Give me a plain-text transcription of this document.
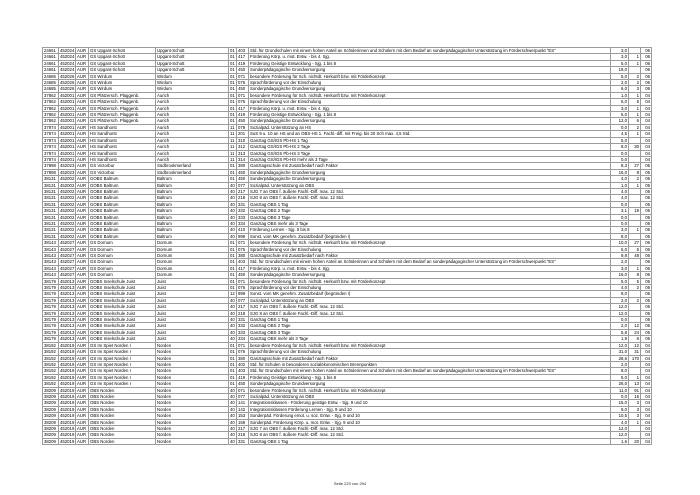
24661	452024	AUR	GS Upgant-Schott	Upgant-Schott	01	403	Std. für Grundschulen mit einem hohen Anteil an Schülerinnen und Schülern mit dem Bedarf an sonderpädagogischer Unterstützung im Förderschwerpunkt "ES"	3,0		06
24661	452024	AUR	GS Upgant-Schott	Upgant-Schott	01	417	Förderung Körp. u. mot. Entw. - bis 4. Sjg.	3,0	1	06
24661	452024	AUR	GS Upgant-Schott	Upgant-Schott	01	419	Förderung Geistige Entwicklung - Sjg. 1 bis 8	5,0	1	06
24661	452024	AUR	GS Upgant-Schott	Upgant-Schott	01	450	Sonderpädagogische Grundversorgung	18,0		06
24685	452026	AUR	GS Wirdum	Wirdum	01	071	besondere Förderung für Sch. nichtdt. Herkunft bzw. mit Förderkonzept	5,0	2	06
24685	452026	AUR	GS Wirdum	Wirdum	01	076	Sprachförderung vor der Einschulung	2,0	2	06
24685	452026	AUR	GS Wirdum	Wirdum	01	450	Sonderpädagogische Grundversorgung	6,0	3	06
37862	452001	AUR	GS Plätzersch. Plaggenb.	Aurich	01	071	besondere Förderung für Sch. nichtdt. Herkunft bzw. mit Förderkonzept	1,0	1	04
37862	452001	AUR	GS Plätzersch. Plaggenb.	Aurich	01	076	Sprachförderung vor der Einschulung	6,0	6	04
37862	452001	AUR	GS Plätzersch. Plaggenb.	Aurich	01	417	Förderung Körp. u. mot. Entw. - bis 4. Sjg.	3,0	1	04
37862	452001	AUR	GS Plätzersch. Plaggenb.	Aurich	01	419	Förderung Geistige Entwicklung - Sjg. 1 bis 8	5,0	1	04
37862	452001	AUR	GS Plätzersch. Plaggenb.	Aurich	01	450	Sonderpädagogische Grundversorgung	12,0	6	04
37874	452001	AUR	HS Sandhorst	Aurich	11	079	Sozialpäd. Unterstützung an HS	0,0	2	04
37874	452001	AUR	HS Sandhorst	Aurich	11	201	SuS 9 u. 10 an HS und an OBS-HS 1. Fachl.-diff. mit Freig. bis 20 Sch max. 4,5 Std.	4,5	1	04
37874	452001	AUR	HS Sandhorst	Aurich	11	310	Ganztag GS/IGS Pb-HS 1 Tag	5,0		04
37874	452001	AUR	HS Sandhorst	Aurich	11	312	Ganztag GS/IGS Pb-HS 2 Tage	8,0	30	04
37874	452001	AUR	HS Sandhorst	Aurich	11	313	Ganztag GS/IGS Pb-HS 3 Tage	0,0		04
37874	452001	AUR	HS Sandhorst	Aurich	11	314	Ganztag GS/IGS Pb-HS mehr als 3 Tage	0,0		04
37898	452023	AUR	GS Victorbur	Südbrookmerland	01	380	Ganztagsschule mit Zusatzbedarf nach Faktor	8,3	27	05
37898	452023	AUR	GS Victorbur	Südbrookmerland	01	450	Sonderpädagogische Grundversorgung	16,0	8	05
38131	452002	AUR	GOBS Baltrum	Baltrum	01	450	Sonderpädagogische Grundversorgung	4,0	2	05
38131	452002	AUR	GOBS Baltrum	Baltrum	40	077	Sozialpäd. Unterstützung an OBS	1,0	1	05
38131	452002	AUR	GOBS Baltrum	Baltrum	40	217	SJG 7 an OBS f. äußere Fachl.-Diff. max. 12 Std.	4,0		05
38131	452002	AUR	GOBS Baltrum	Baltrum	40	218	SJG 8 an OBS f. äußere Fachl.-Diff. max. 12 Std.	4,0		05
38131	452002	AUR	GOBS Baltrum	Baltrum	40	331	Ganztag OBS 1 Tag	0,0		05
38131	452002	AUR	GOBS Baltrum	Baltrum	40	332	Ganztag OBS 2 Tage	3,1	19	05
38131	452002	AUR	GOBS Baltrum	Baltrum	40	333	Ganztag OBS 3 Tage	0,0		05
38131	452002	AUR	GOBS Baltrum	Baltrum	40	334	Ganztag OBS mehr als 3 Tage	0,0		05
38131	452002	AUR	GOBS Baltrum	Baltrum	40	410	Förderung Lernen - Sjg. 5 bis 8	3,0	1	05
38131	452002	AUR	GOBS Baltrum	Baltrum	40	999	Sonst. vom MK genehm. Zusatzbedarf (begründen !)	8,0		05
38143	452027	AUR	GS Dornum	Dornum	01	071	besondere Förderung für Sch. nichtdt. Herkunft bzw. mit Förderkonzept	10,0	27	06
38143	452027	AUR	GS Dornum	Dornum	01	076	Sprachförderung vor der Einschulung	5,0	5	06
38143	452027	AUR	GS Dornum	Dornum	01	380	Ganztagsschule mit Zusatzbedarf nach Faktor	9,8	48	06
38143	452027	AUR	GS Dornum	Dornum	01	403	Std. für Grundschulen mit einem hohen Anteil an Schülerinnen und Schülern mit dem Bedarf an sonderpädagogischer Unterstützung im Förderschwerpunkt "ES"	2,0		06
38143	452027	AUR	GS Dornum	Dornum	01	417	Förderung Körp. u. mot. Entw. - bis 4. Sjg.	3,0	1	06
38143	452027	AUR	GS Dornum	Dornum	01	450	Sonderpädagogische Grundversorgung	16,0	8	06
38179	452013	AUR	GOBS Inselschule Juist	Juist	01	071	besondere Förderung für Sch. nichtdt. Herkunft bzw. mit Förderkonzept	5,0	5	05
38179	452013	AUR	GOBS Inselschule Juist	Juist	01	076	Sprachförderung vor der Einschulung	4,0	2	05
38179	452013	AUR	GOBS Inselschule Juist	Juist	12	999	Sonst. vom MK genehm. Zusatzbedarf (begründen !)	8,0		05
38179	452013	AUR	GOBS Inselschule Juist	Juist	40	077	Sozialpäd. Unterstützung an OBS	2,0	2	05
38179	452013	AUR	GOBS Inselschule Juist	Juist	40	217	SJG 7 an OBS f. äußere Fachl.-Diff. max. 12 Std.	12,0		05
38179	452013	AUR	GOBS Inselschule Juist	Juist	40	218	SJG 8 an OBS f. äußere Fachl.-Diff. max. 12 Std.	12,0		05
38179	452013	AUR	GOBS Inselschule Juist	Juist	40	331	Ganztag OBS 1 Tag	0,0		05
38179	452013	AUR	GOBS Inselschule Juist	Juist	40	332	Ganztag OBS 2 Tage	2,0	12	05
38179	452013	AUR	GOBS Inselschule Juist	Juist	40	333	Ganztag OBS 3 Tage	5,8	24	05
38179	452013	AUR	GOBS Inselschule Juist	Juist	40	334	Ganztag OBS mehr als 3 Tage	1,9	6	05
38192	452019	AUR	GS Im Spiet Norden I	Norden	01	071	besondere Förderung für Sch. nichtdt. Herkunft bzw. mit Förderkonzept	12,0	12	04
38192	452019	AUR	GS Im Spiet Norden I	Norden	01	076	Sprachförderung vor der Einschulung	31,0	31	04
38192	452019	AUR	GS Im Spiet Norden I	Norden	01	380	Ganztagsschule mit Zusatzbedarf nach Faktor	28,6	170	04
38192	452019	AUR	GS Im Spiet Norden I	Norden	01	402	Std. für Schulen in besonderen sozialökonomischen Brennpunkten	2,0		04
38192	452019	AUR	GS Im Spiet Norden I	Norden	01	403	Std. für Grundschulen mit einem hohen Anteil an Schülerinnen und Schülern mit dem Bedarf an sonderpädagogischer Unterstützung im Förderschwerpunkt "ES"	8,0		04
38192	452019	AUR	GS Im Spiet Norden I	Norden	01	419	Förderung Geistige Entwicklung - Sjg. 1 bis 8	5,0	1	04
38192	452019	AUR	GS Im Spiet Norden I	Norden	01	450	Sonderpädagogische Grundversorgung	26,0	13	04
38209	452019	AUR	OBS Norden	Norden	40	071	besondere Förderung für Sch. nichtdt. Herkunft bzw. mit Förderkonzept	11,0	91	04
38209	452019	AUR	OBS Norden	Norden	40	077	Sozialpäd. Unterstützung an OBS	0,0	15	04
38209	452019	AUR	OBS Norden	Norden	40	141	Integrationsklassen - Förderung geistige Entw. - Sjg. 9 und 10	15,0	3	04
38209	452019	AUR	OBS Norden	Norden	40	142	Integrationsklassen Förderung Lernen - Sjg. 9 und 10	9,0	3	04
38209	452019	AUR	OBS Norden	Norden	40	153	Sonderpäd. Förderung emot. u. soz. Entw. - Sjg. 9 und 10	10,5	3	04
38209	452019	AUR	OBS Norden	Norden	40	159	Sonderpäd. Förderung Körp. u. mot. Entw. - Sjg. 9 und 10	4,0	1	04
38209	452019	AUR	OBS Norden	Norden	40	217	SJG 7 an OBS f. äußere Fachl.-Diff. max. 12 Std.	12,0		04
38209	452019	AUR	OBS Norden	Norden	40	218	SJG 8 an OBS f. äußere Fachl.-Diff. max. 12 Std.	12,0		04
38209	452019	AUR	OBS Norden	Norden	40	331	Ganztag OBS 1 Tag	1,6	20	04
Seite 223 von 294
